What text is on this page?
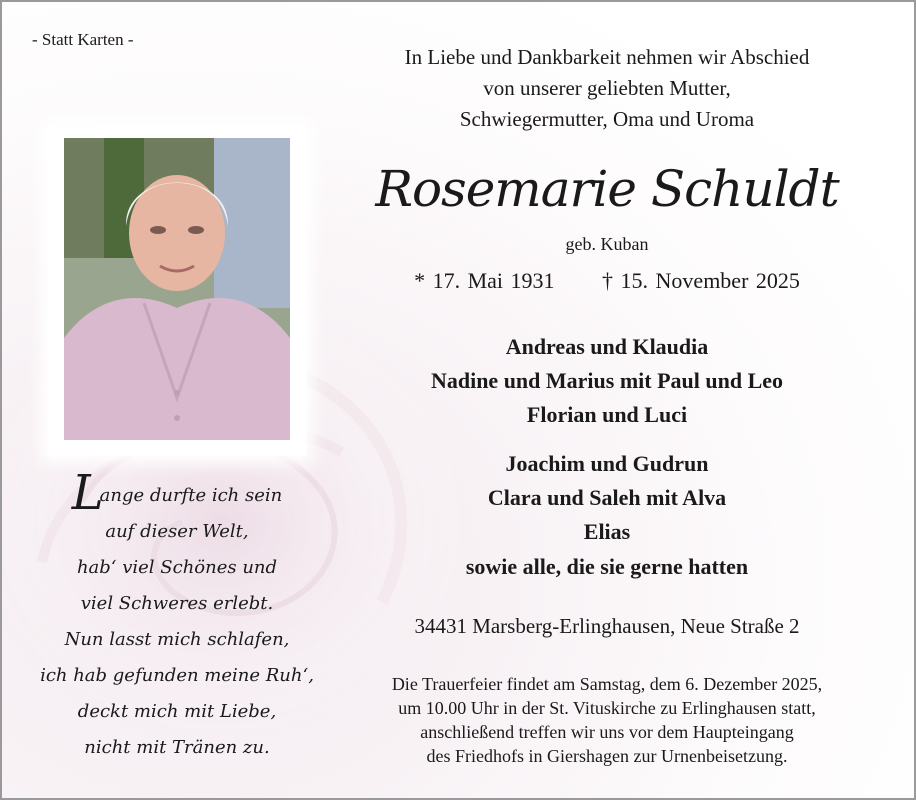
- Statt Karten -
In Liebe und Dankbarkeit nehmen wir Abschied
von unserer geliebten Mutter,
Schwiegermutter, Oma und Uroma
Rosemarie Schuldt
geb. Kuban
* 17. Mai 1931 † 15. November 2025
Andreas und Klaudia
Nadine und Marius mit Paul und Leo
Florian und Luci
Joachim und Gudrun
Clara und Saleh mit Alva
Elias
sowie alle, die sie gerne hatten
34431 Marsberg-Erlinghausen, Neue Straße 2
Die Trauerfeier findet am Samstag, dem 6. Dezember 2025,
um 10.00 Uhr in der St. Vituskirche zu Erlinghausen statt,
anschließend treffen wir uns vor dem Haupteingang
des Friedhofs in Giershagen zur Urnenbeisetzung.
Lange durfte ich sein
auf dieser Welt,
hab‘ viel Schönes und
viel Schweres erlebt.
Nun lasst mich schlafen,
ich hab gefunden meine Ruh‘,
deckt mich mit Liebe,
nicht mit Tränen zu.
